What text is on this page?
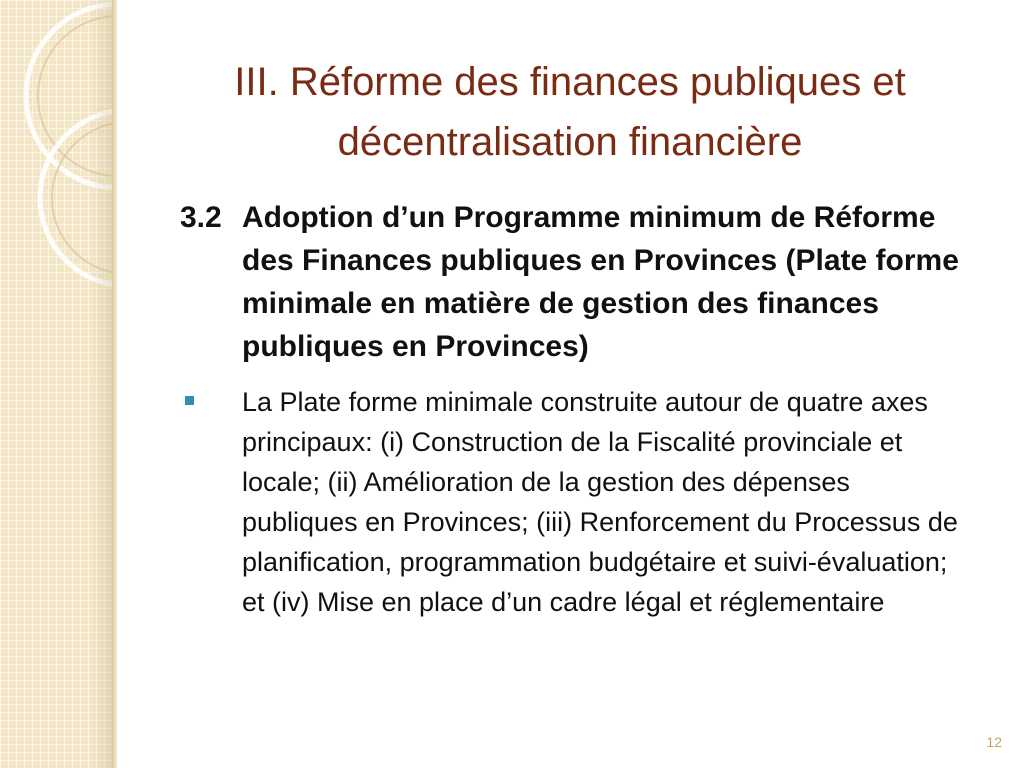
III. Réforme des finances publiques et
décentralisation financière
3.2 Adoption d’un Programme minimum de Réforme des Finances publiques en Provinces (Plate forme minimale en matière de gestion des finances publiques en Provinces)
La Plate forme minimale construite autour de quatre axes principaux: (i) Construction de la Fiscalité provinciale et locale; (ii) Amélioration de la gestion des dépenses publiques en Provinces; (iii) Renforcement du Processus de planification, programmation budgétaire et suivi-évaluation; et (iv) Mise en place d’un cadre légal et réglementaire
12
